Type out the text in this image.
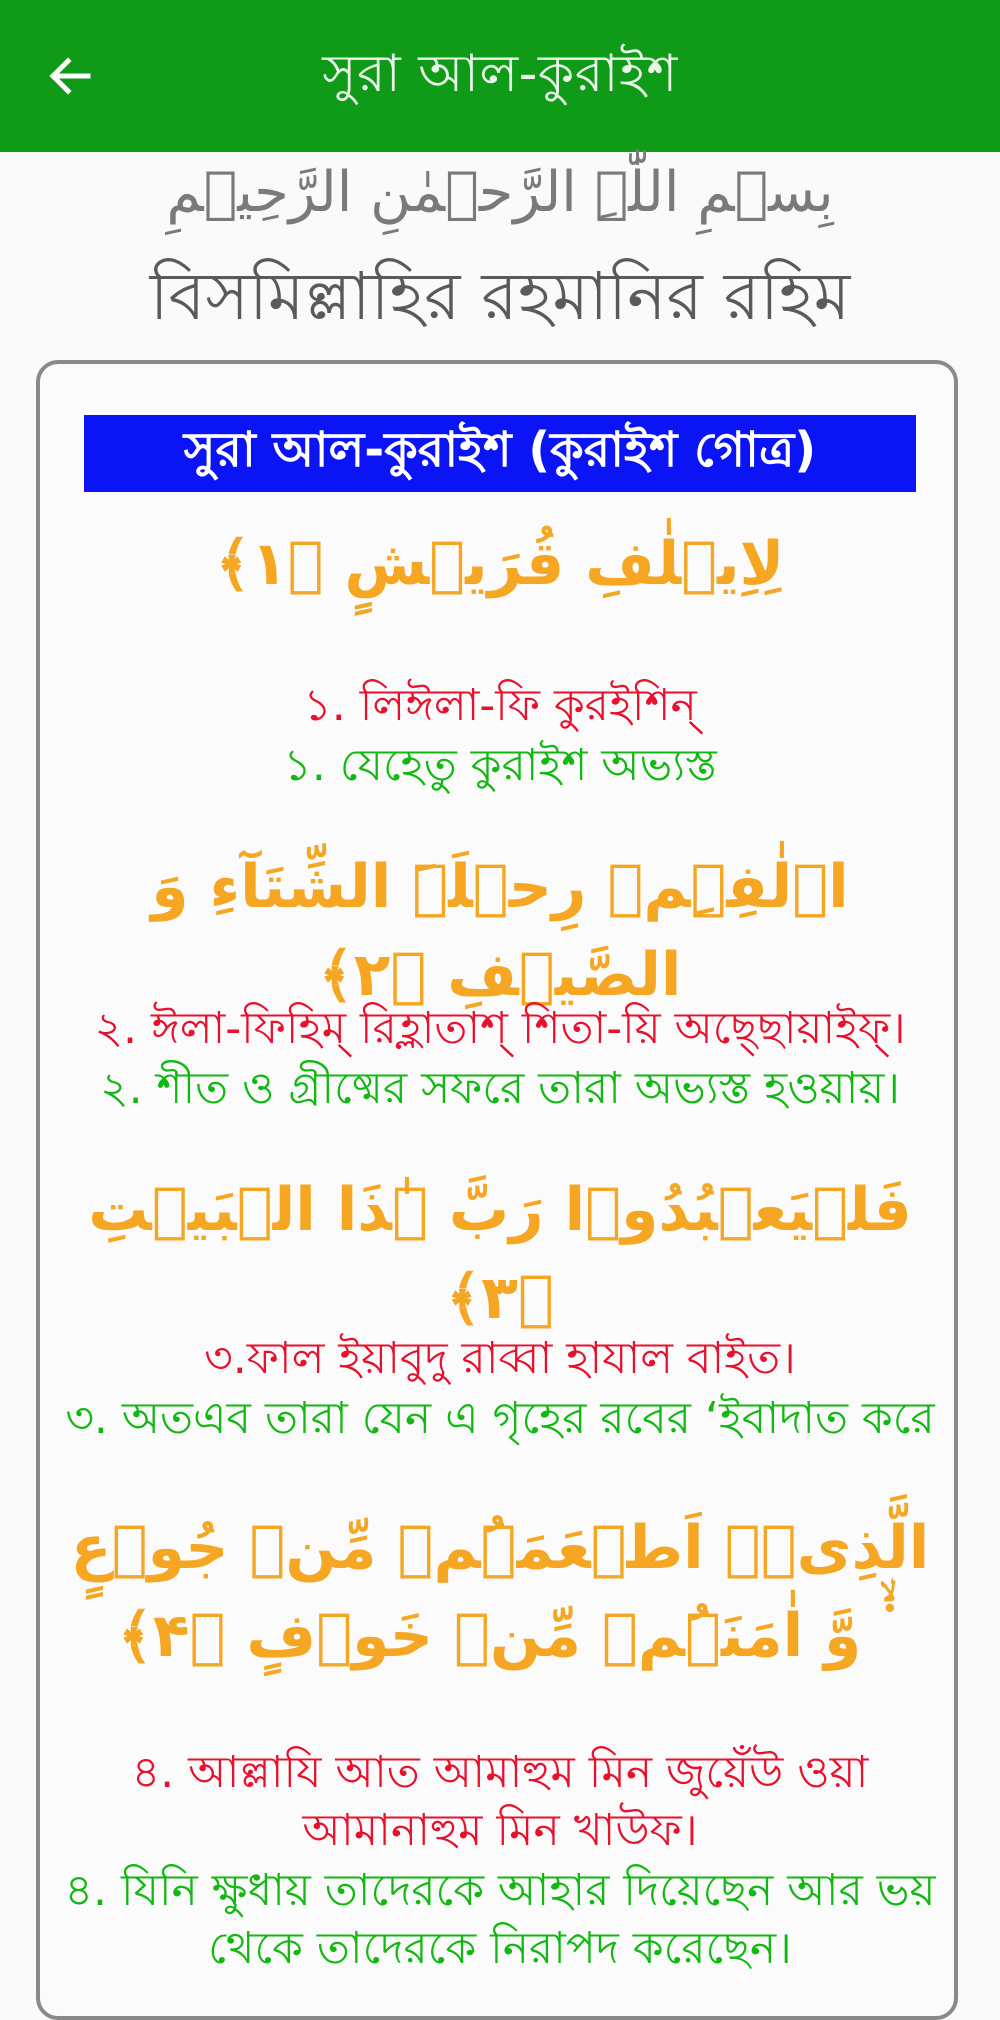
সুরা আল-কুরাইশ
بِسۡمِ اللّٰہِ الرَّحۡمٰنِ الرَّحِیۡمِ
বিসমিল্লাহির রহমানির রহিম
সুরা আল-কুরাইশ (কুরাইশ গোত্র)
لِاِیۡلٰفِ قُرَیۡشٍ ﴿۱﴾
১. লিঈলা-ফি কুরইশিন্
১. যেহেতু কুরাইশ অভ্যস্ত
اٖلٰفِہِمۡ رِحۡلَۃَ الشِّتَآءِ وَ الصَّیۡفِ ﴿۲﴾
২. ঈলা-ফিহিম্ রিহ্লাতাশ্ শিতা-য়ি অছ্ছোয়াইফ্।
২. শীত ও গ্রীষ্মের সফরে তারা অভ্যস্ত হওয়ায়।
فَلۡیَعۡبُدُوۡا رَبَّ ہٰذَا الۡبَیۡتِ ﴿۳﴾
৩.ফাল ইয়াবুদু রাব্বা হাযাল বাইত।
৩. অতএব তারা যেন এ গৃহের রবের ‘ইবাদাত করে
الَّذِیۡۤ اَطۡعَمَہُمۡ مِّنۡ جُوۡعٍ ۬ۙ وَّ اٰمَنَہُمۡ مِّنۡ خَوۡفٍ ﴿۴﴾
৪. আল্লাযি আত আমাহুম মিন জুয়েঁউ ওয়া আমানাহুম মিন খাউফ।
৪. যিনি ক্ষুধায় তাদেরকে আহার দিয়েছেন আর ভয় থেকে তাদেরকে নিরাপদ করেছেন।
